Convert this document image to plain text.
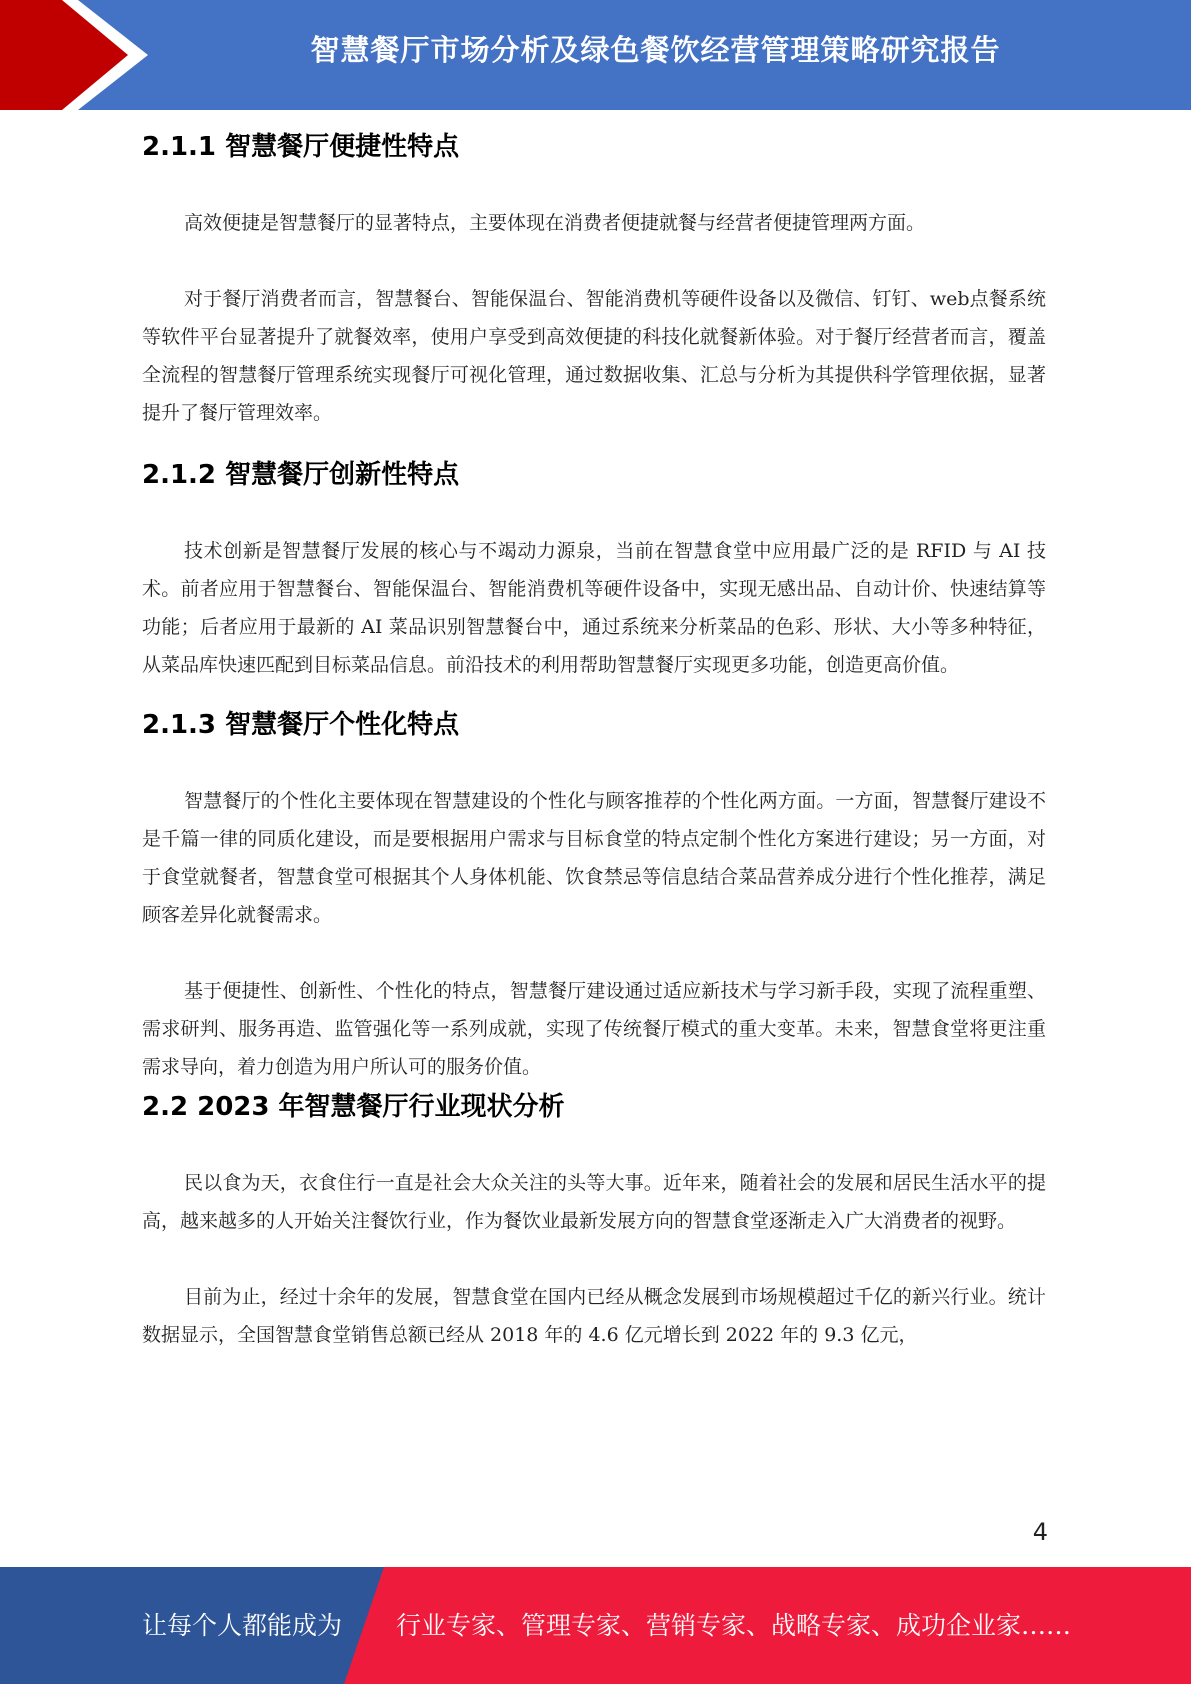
智慧餐厅市场分析及绿色餐饮经营管理策略研究报告
2.1.1 智慧餐厅便捷性特点

高效便捷是智慧餐厅的显著特点，主要体现在消费者便捷就餐与经营者便捷管理两方面。

对于餐厅消费者而言，智慧餐台、智能保温台、智能消费机等硬件设备以及微信、钉钉、web点餐系统等软件平台显著提升了就餐效率，使用户享受到高效便捷的科技化就餐新体验。对于餐厅经营者而言，覆盖全流程的智慧餐厅管理系统实现餐厅可视化管理，通过数据收集、汇总与分析为其提供科学管理依据，显著提升了餐厅管理效率。

2.1.2 智慧餐厅创新性特点

技术创新是智慧餐厅发展的核心与不竭动力源泉，当前在智慧食堂中应用最广泛的是 RFID 与 AI 技术。前者应用于智慧餐台、智能保温台、智能消费机等硬件设备中，实现无感出品、自动计价、快速结算等功能；后者应用于最新的 AI 菜品识别智慧餐台中，通过系统来分析菜品的色彩、形状、大小等多种特征，从菜品库快速匹配到目标菜品信息。前沿技术的利用帮助智慧餐厅实现更多功能，创造更高价值。

2.1.3 智慧餐厅个性化特点

智慧餐厅的个性化主要体现在智慧建设的个性化与顾客推荐的个性化两方面。一方面，智慧餐厅建设不是千篇一律的同质化建设，而是要根据用户需求与目标食堂的特点定制个性化方案进行建设；另一方面，对于食堂就餐者，智慧食堂可根据其个人身体机能、饮食禁忌等信息结合菜品营养成分进行个性化推荐，满足顾客差异化就餐需求。

基于便捷性、创新性、个性化的特点，智慧餐厅建设通过适应新技术与学习新手段，实现了流程重塑、需求研判、服务再造、监管强化等一系列成就，实现了传统餐厅模式的重大变革。未来，智慧食堂将更注重需求导向，着力创造为用户所认可的服务价值。

2.2 2023 年智慧餐厅行业现状分析

民以食为天，衣食住行一直是社会大众关注的头等大事。近年来，随着社会的发展和居民生活水平的提高，越来越多的人开始关注餐饮行业，作为餐饮业最新发展方向的智慧食堂逐渐走入广大消费者的视野。

目前为止，经过十余年的发展，智慧食堂在国内已经从概念发展到市场规模超过千亿的新兴行业。统计数据显示，全国智慧食堂销售总额已经从 2018 年的 4.6 亿元增长到 2022 年的 9.3 亿元，

4
让每个人都能成为 行业专家、管理专家、营销专家、战略专家、成功企业家……
